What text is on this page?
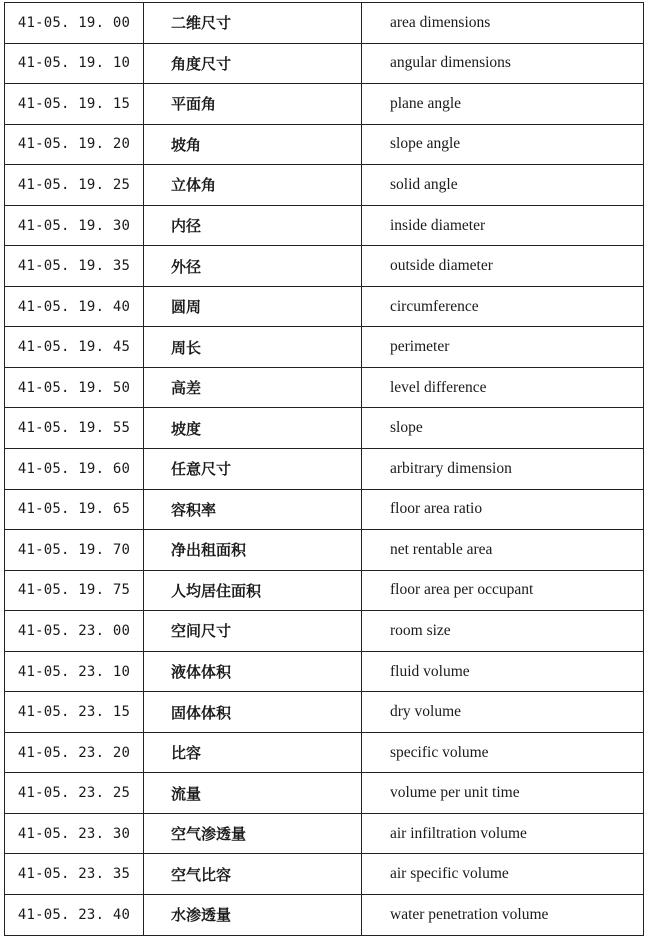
41-05. 19. 00	二维尺寸	area dimensions
41-05. 19. 10	角度尺寸	angular dimensions
41-05. 19. 15	平面角	plane angle
41-05. 19. 20	坡角	slope angle
41-05. 19. 25	立体角	solid angle
41-05. 19. 30	内径	inside diameter
41-05. 19. 35	外径	outside diameter
41-05. 19. 40	圆周	circumference
41-05. 19. 45	周长	perimeter
41-05. 19. 50	高差	level difference
41-05. 19. 55	坡度	slope
41-05. 19. 60	任意尺寸	arbitrary dimension
41-05. 19. 65	容积率	floor area ratio
41-05. 19. 70	净出租面积	net rentable area
41-05. 19. 75	人均居住面积	floor area per occupant
41-05. 23. 00	空间尺寸	room size
41-05. 23. 10	液体体积	fluid volume
41-05. 23. 15	固体体积	dry volume
41-05. 23. 20	比容	specific volume
41-05. 23. 25	流量	volume per unit time
41-05. 23. 30	空气渗透量	air infiltration volume
41-05. 23. 35	空气比容	air specific volume
41-05. 23. 40	水渗透量	water penetration volume
